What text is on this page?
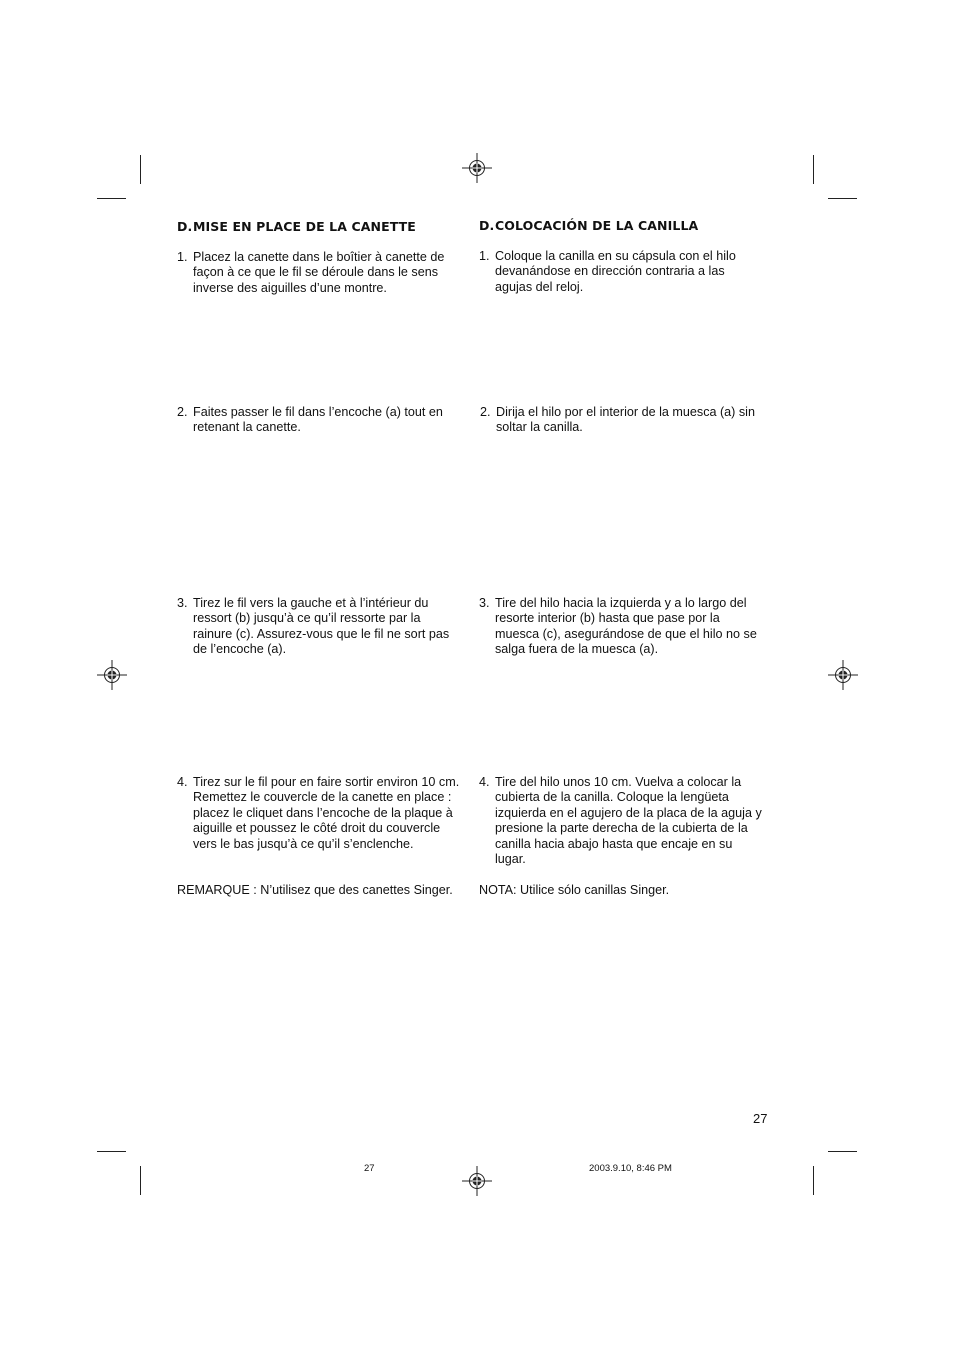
D.MISE EN PLACE DE LA CANETTE
1. Placez la canette dans le boîtier à canette de
façon à ce que le fil se déroule dans le sens
inverse des aiguilles d’une montre.
2. Faites passer le fil dans l’encoche (a) tout en
retenant la canette.
3. Tirez le fil vers la gauche et à l’intérieur du
ressort (b) jusqu’à ce qu’il ressorte par la
rainure (c). Assurez-vous que le fil ne sort pas
de l’encoche (a).
4. Tirez sur le fil pour en faire sortir environ 10 cm.
Remettez le couvercle de la canette en place :
placez le cliquet dans l’encoche de la plaque à
aiguille et poussez le côté droit du couvercle
vers le bas jusqu’à ce qu’il s’enclenche.
REMARQUE : N’utilisez que des canettes Singer.
D.COLOCACIÓN DE LA CANILLA
1. Coloque la canilla en su cápsula con el hilo
devanándose en dirección contraria a las
agujas del reloj.
2. Dirija el hilo por el interior de la muesca (a) sin
soltar la canilla.
3. Tire del hilo hacia la izquierda y a lo largo del
resorte interior (b) hasta que pase por la
muesca (c), asegurándose de que el hilo no se
salga fuera de la muesca (a).
4. Tire del hilo unos 10 cm. Vuelva a colocar la
cubierta de la canilla. Coloque la lengüeta
izquierda en el agujero de la placa de la aguja y
presione la parte derecha de la cubierta de la
canilla hacia abajo hasta que encaje en su
lugar.
NOTA: Utilice sólo canillas Singer.
27
27	2003.9.10, 8:46 PM
